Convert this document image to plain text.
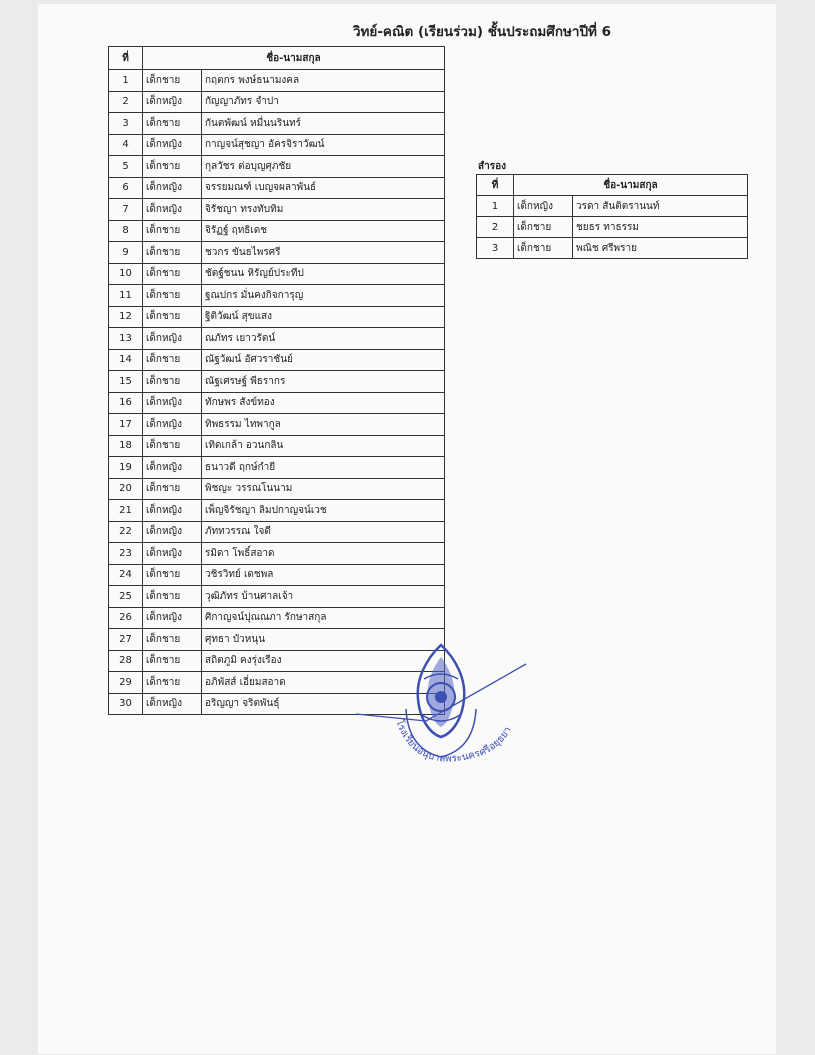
วิทย์-คณิต (เรียนร่วม) ชั้นประถมศึกษาปีที่ 6
ที่	ชื่อ-นามสกุล	
1	เด็กชาย	กฤตกร พงษ์ธนามงคล
2	เด็กหญิง	กัญญาภัทร จำปา
3	เด็กชาย	กันตพัฒน์ หมื่นนรินทร์
4	เด็กหญิง	กาญจน์สุชญา อัครจิราวัฒน์
5	เด็กชาย	กุลวัชร ต่อบุญศุภชัย
6	เด็กหญิง	จรรยมณฑ์ เบญจผลาพันธ์
7	เด็กหญิง	จิรัชญา ทรงทับทิม
8	เด็กชาย	จิรัฏฐ์ ฤทธิเดช
9	เด็กชาย	ชวกร ขันธไพรศรี
10	เด็กชาย	ชัตฐ์ชนน หิรัญย์ประทีป
11	เด็กชาย	ฐณปกร มั่นคงกิจการุญ
12	เด็กชาย	ฐิติวัฒน์ สุขแสง
13	เด็กหญิง	ณภัทร เยาวรัตน์
14	เด็กชาย	ณัฐวัฒน์ อัศวราชันย์
15	เด็กชาย	ณัฐเศรษฐ์ พีธรากร
16	เด็กหญิง	ทักษพร สังข์ทอง
17	เด็กหญิง	ทิพธรรม ไทพากูล
18	เด็กชาย	เทิดเกล้า อวนกลิน
19	เด็กหญิง	ธนาวดี ฤกษ์กำยี
20	เด็กชาย	พิชญะ วรรณโนนาม
21	เด็กหญิง	เพ็ญจิรัชญา ลิมปกาญจน์เวช
22	เด็กหญิง	ภัททวรรณ ใจดี
23	เด็กหญิง	รมิดา โพธิ์สอาด
24	เด็กชาย	วชิรวิทย์ เดชพล
25	เด็กชาย	วุฒิภัทร บ้านศาลเจ้า
26	เด็กหญิง	ศิกาญจน์ปุณณภา รักษาสกุล
27	เด็กชาย	ศุทธา บัวหนุน
28	เด็กชาย	สถิตภูมิ คงรุ่งเรือง
29	เด็กชาย	อภิพัสส์ เอี่ยมสอาด
30	เด็กหญิง	อริญญา จริตพันธุ์
สำรอง
ที่	ชื่อ-นามสกุล	
1	เด็กหญิง	วรดา สันติตรานนท์
2	เด็กชาย	ชยธร ทาธรรม
3	เด็กชาย	พณิช ศรีพราย
โรงเรียนอนุบาลพระนครศรีอยุธยา
